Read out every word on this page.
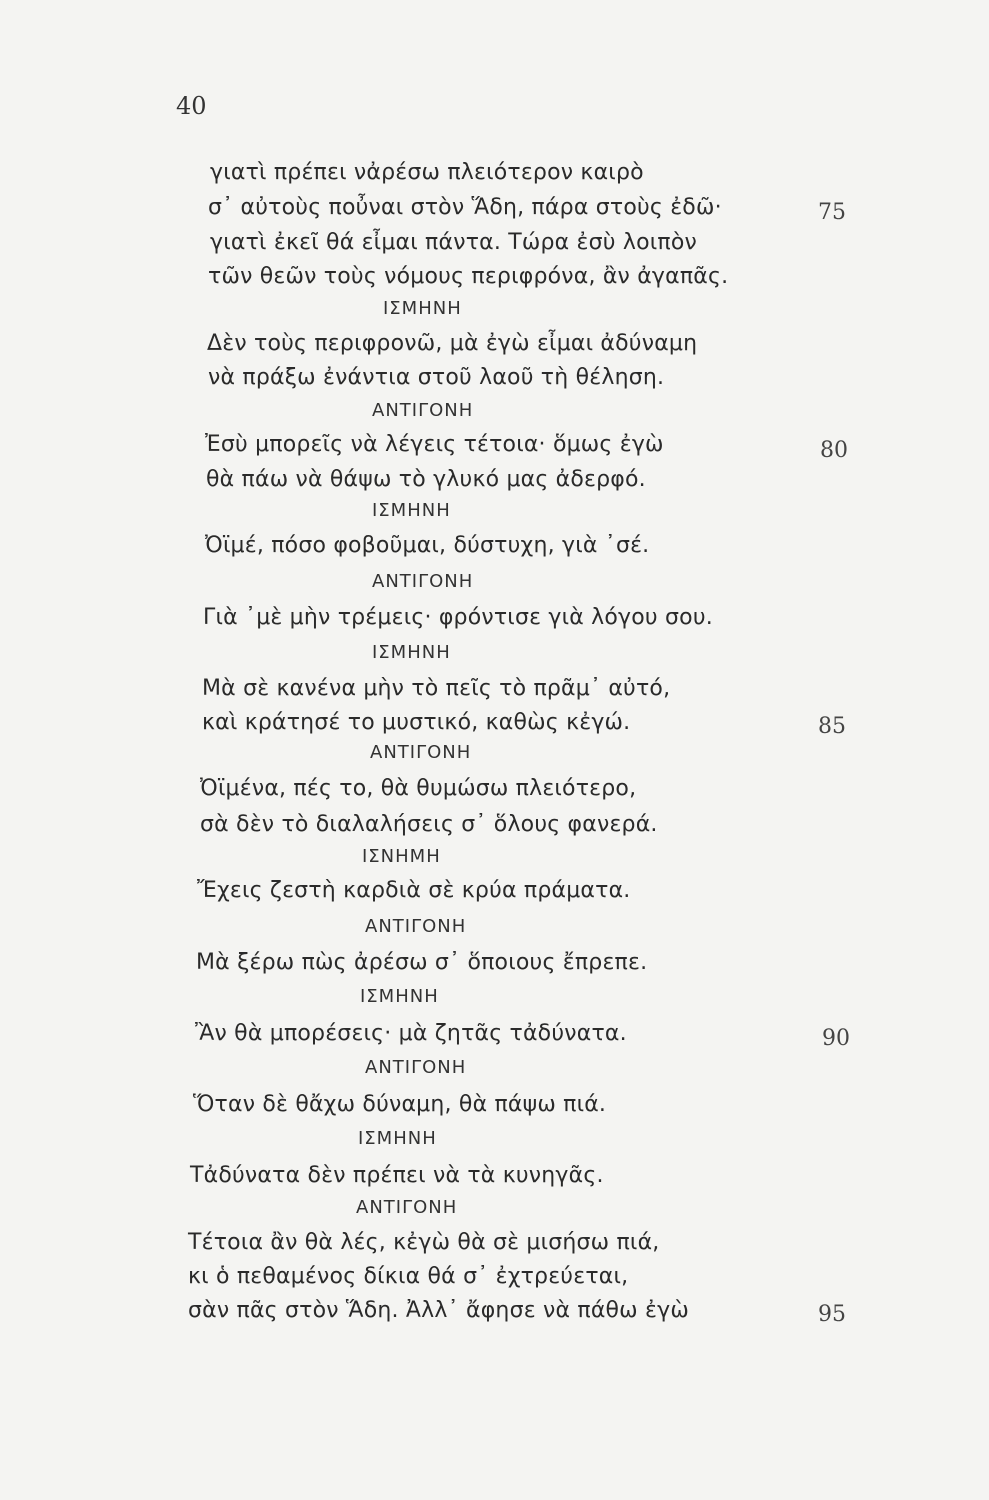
40
γιατὶ πρέπει νἀρέσω πλειότερον καιρὸ
σ᾿ αὐτοὺς ποὖναι στὸν Ἅδη, πάρα στοὺς ἐδῶ·	75
γιατὶ ἐκεῖ θά εἶμαι πάντα. Τώρα ἐσὺ λοιπὸν
τῶν θεῶν τοὺς νόμους περιφρόνα, ἂν ἀγαπᾶς.
ΙΣΜΗΝΗ
Δὲν τοὺς περιφρονῶ, μὰ ἐγὼ εἶμαι ἀδύναμη
νὰ πράξω ἐνάντια στοῦ λαοῦ τὴ θέληση.
ΑΝΤΙΓΟΝΗ
Ἐσὺ μπορεῖς νὰ λέγεις τέτοια· ὅμως ἐγὼ	80
θὰ πάω νὰ θάψω τὸ γλυκό μας ἀδερφό.
ΙΣΜΗΝΗ
Ὀϊμέ, πόσο φοβοῦμαι, δύστυχη, γιὰ ᾿σέ.
ΑΝΤΙΓΟΝΗ
Γιὰ ᾿μὲ μὴν τρέμεις· φρόντισε γιὰ λόγου σου.
ΙΣΜΗΝΗ
Μὰ σὲ κανένα μὴν τὸ πεῖς τὸ πρᾶμ᾿ αὐτό,
καὶ κράτησέ το μυστικό, καθὼς κἐγώ.	85
ΑΝΤΙΓΟΝΗ
Ὀϊμένα, πές το, θὰ θυμώσω πλειότερο,
σὰ δὲν τὸ διαλαλήσεις σ᾿ ὅλους φανερά.
ΙΣΝΗΜΗ
Ἔχεις ζεστὴ καρδιὰ σὲ κρύα πράματα.
ΑΝΤΙΓΟΝΗ
Μὰ ξέρω πὼς ἀρέσω σ᾿ ὅποιους ἔπρεπε.
ΙΣΜΗΝΗ
Ἂν θὰ μπορέσεις· μὰ ζητᾶς τἀδύνατα.	90
ΑΝΤΙΓΟΝΗ
Ὅταν δὲ θἄχω δύναμη, θὰ πάψω πιά.
ΙΣΜΗΝΗ
Τἀδύνατα δὲν πρέπει νὰ τὰ κυνηγᾶς.
ΑΝΤΙΓΟΝΗ
Τέτοια ἂν θὰ λές, κἐγὼ θὰ σὲ μισήσω πιά,
κι ὁ πεθαμένος δίκια θά σ᾿ ἐχτρεύεται,
σὰν πᾶς στὸν Ἅδη. Ἀλλ᾿ ἄφησε νὰ πάθω ἐγὼ	95
